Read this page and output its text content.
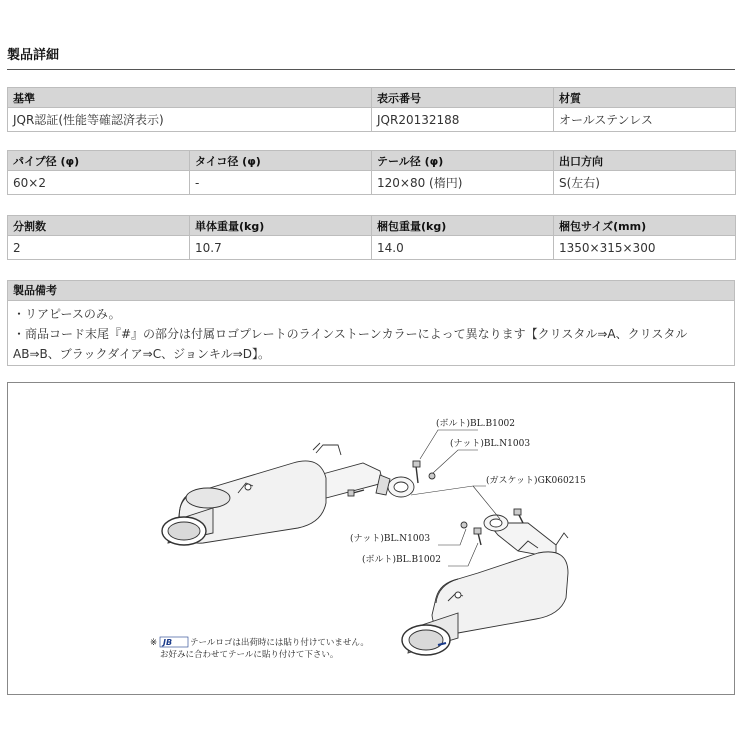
製品詳細
基準	表示番号	材質
JQR認証(性能等確認済表示)	JQR20132188	オールステンレス
パイプ径 (φ)	タイコ径 (φ)	テール径 (φ)	出口方向
60×2	-	120×80 (楕円)	S(左右)
分割数	単体重量(kg)	梱包重量(kg)	梱包サイズ(mm)
2	10.7	14.0	1350×315×300
製品備考
・リアピースのみ。
・商品コード末尾『#』の部分は付属ロゴプレートのラインストーンカラーによって異なります【クリスタル⇒A、クリスタルAB⇒B、ブラックダイア⇒C、ジョンキル⇒D】。
(ボルト)BL.B1002
(ナット)BL.N1003
(ガスケット)GK060215
(ナット)BL.N1003
(ボルト)BL.B1002
※ JB テールロゴは出荷時には貼り付けていません。
お好みに合わせてテールに貼り付けて下さい。
